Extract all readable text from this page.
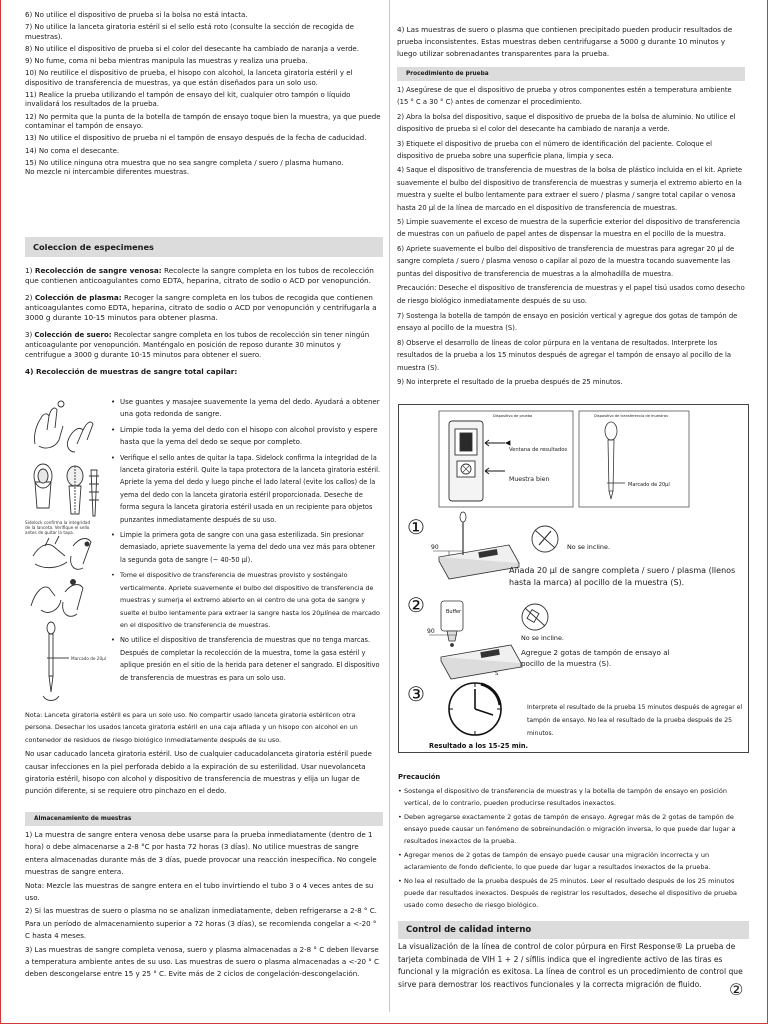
6) No utilice el dispositivo de prueba si la bolsa no está intacta.

7) No utilice la lanceta giratoria estéril si el sello está roto (consulte la sección de recogida de muestras).

8) No utilice el dispositivo de prueba si el color del desecante ha cambiado de naranja a verde.

9) No fume, coma ni beba mientras manipula las muestras y realiza una prueba.

10) No reutilice el dispositivo de prueba, el hisopo con alcohol, la lanceta giratoria estéril y el dispositivo de transferencia de muestras, ya que están diseñados para un solo uso.

11) Realice la prueba utilizando el tampón de ensayo del kit, cualquier otro tampón o líquido invalidará los resultados de la prueba.

12) No permita que la punta de la botella de tampón de ensayo toque bien la muestra, ya que puede contaminar el tampón de ensayo.

13) No utilice el dispositivo de prueba ni el tampón de ensayo después de la fecha de caducidad.

14) No coma el desecante.

15) No utilice ninguna otra muestra que no sea sangre completa / suero / plasma humano.
No mezcle ni intercambie diferentes muestras.

Coleccion de especimenes

1) Recolección de sangre venosa: Recolecte la sangre completa en los tubos de recolección que contienen anticoagulantes como EDTA, heparina, citrato de sodio o ACD por venopunción.

2) Colección de plasma: Recoger la sangre completa en los tubos de recogida que contienen anticoagulantes como EDTA, heparina, citrato de sodio o ACD por venopunción y centrifugarla a 3000 g durante 10-15 minutos para obtener plasma.

3) Colección de suero: Recolectar sangre completa en los tubos de recolección sin tener ningún anticoagulante por venopunción. Manténgalo en posición de reposo durante 30 minutos y centrifugue a 3000 g durante 10-15 minutos para obtener el suero.

4) Recolección de muestras de sangre total capilar:

Sidelock confirma la integridad de la lanceta. Verifique el sello antes de quitar la tapa.
Marcado de 20µl

• Use guantes y masajee suavemente la yema del dedo. Ayudará a obtener una gota redonda de sangre.

• Limpie toda la yema del dedo con el hisopo con alcohol provisto y espere hasta que la yema del dedo se seque por completo.

• Verifique el sello antes de quitar la tapa. Sidelock confirma la integridad de la lanceta giratoria estéril. Quite la tapa protectora de la lanceta giratoria estéril. Apriete la yema del dedo y luego pinche el lado lateral (evite los callos) de la yema del dedo con la lanceta giratoria estéril proporcionada. Deseche de forma segura la lanceta giratoria estéril usada en un recipiente para objetos punzantes inmediatamente después de su uso.

• Limpie la primera gota de sangre con una gasa esterilizada. Sin presionar demasiado, apriete suavemente la yema del dedo una vez más para obtener la segunda gota de sangre (~ 40-50 µl).

• Tome el dispositivo de transferencia de muestras provisto y sosténgalo verticalmente. Apriete suavemente el bulbo del dispositivo de transferencia de muestras y sumerja el extremo abierto en el centro de una gota de sangre y suelte el bulbo lentamente para extraer la sangre hasta los 20µlínea de marcado en el dispositivo de transferencia de muestras.

• No utilice el dispositivo de transferencia de muestras que no tenga marcas. Después de completar la recolección de la muestra, tome la gasa estéril y aplique presión en el sitio de la herida para detener el sangrado. El dispositivo de transferencia de muestras es para un solo uso.

Nota: Lanceta giratoria estéril es para un solo uso. No compartir usado lanceta giratoria estérilcon otra persona. Desechar los usados lanceta giratoria estéril en una caja afilada y un hisopo con alcohol en un contenedor de residuos de riesgo biológico inmediatamente después de su uso.

No usar caducado lanceta giratoria estéril. Uso de cualquier caducadolanceta giratoria estéril puede causar infecciones en la piel perforada debido a la expiración de su esterilidad. Usar nuevolanceta giratoria estéril, hisopo con alcohol y dispositivo de transferencia de muestras y elija un lugar de punción diferente, si se requiere otro pinchazo en el dedo.

Almacenamiento de muestras

1) La muestra de sangre entera venosa debe usarse para la prueba inmediatamente (dentro de 1 hora) o debe almacenarse a 2-8 °C por hasta 72 horas (3 días). No utilice muestras de sangre entera almacenadas durante más de 3 días, puede provocar una reacción inespecífica. No congele muestras de sangre entera.

Nota: Mezcle las muestras de sangre entera en el tubo invirtiendo el tubo 3 o 4 veces antes de su uso.

2) Si las muestras de suero o plasma no se analizan inmediatamente, deben refrigerarse a 2-8 ° C. Para un período de almacenamiento superior a 72 horas (3 días), se recomienda congelar a <-20 ° C hasta 4 meses.

3) Las muestras de sangre completa venosa, suero y plasma almacenadas a 2-8 ° C deben llevarse a temperatura ambiente antes de su uso. Las muestras de suero o plasma almacenadas a <-20 ° C deben descongelarse entre 15 y 25 ° C. Evite más de 2 ciclos de congelación-descongelación.

4) Las muestras de suero o plasma que contienen precipitado pueden producir resultados de prueba inconsistentes. Estas muestras deben centrifugarse a 5000 g durante 10 minutos y luego utilizar sobrenadantes transparentes para la prueba.

Procedimiento de prueba

1) Asegúrese de que el dispositivo de prueba y otros componentes estén a temperatura ambiente (15 ° C a 30 ° C) antes de comenzar el procedimiento.

2) Abra la bolsa del dispositivo, saque el dispositivo de prueba de la bolsa de aluminio. No utilice el dispositivo de prueba si el color del desecante ha cambiado de naranja a verde.

3) Etiquete el dispositivo de prueba con el número de identificación del paciente. Coloque el dispositivo de prueba sobre una superficie plana, limpia y seca.

4) Saque el dispositivo de transferencia de muestras de la bolsa de plástico incluida en el kit. Apriete suavemente el bulbo del dispositivo de transferencia de muestras y sumerja el extremo abierto en la muestra y suelte el bulbo lentamente para extraer el suero / plasma / sangre total capilar o venosa hasta 20 µl de la línea de marcado en el dispositivo de transferencia de muestras.

5) Limpie suavemente el exceso de muestra de la superficie exterior del dispositivo de transferencia de muestras con un pañuelo de papel antes de dispensar la muestra en el pocillo de la muestra.

6) Apriete suavemente el bulbo del dispositivo de transferencia de muestras para agregar 20 µl de sangre completa / suero / plasma venoso o capilar al pozo de la muestra tocando suavemente las puntas del dispositivo de transferencia de muestras a la almohadilla de muestra.

Precaución: Deseche el dispositivo de transferencia de muestras y el papel tisú usados como desecho de riesgo biológico inmediatamente después de su uso.

7) Sostenga la botella de tampón de ensayo en posición vertical y agregue dos gotas de tampón de ensayo al pocillo de la muestra (S).

8) Observe el desarrollo de líneas de color púrpura en la ventana de resultados. Interprete los resultados de la prueba a los 15 minutos después de agregar el tampón de ensayo al pocillo de la muestra (S).

9) No interprete el resultado de la prueba después de 25 minutos.

①
90	No se incline.
Añada 20 µl de sangre completa / suero / plasma (llenos hasta la marca) al pocillo de la muestra (S).
②	Buffer
90
No se incline.
Agregue 2 gotas de tampón de ensayo al pocillo de la muestra (S).
③
Interprete el resultado de la prueba 15 minutos después de agregar el tampón de ensayo. No lea el resultado de la prueba después de 25 minutos.
Resultado a los 15-25 min.
Dispositivo de prueba	Dispositivo de transferencia de muestras
Ventana de resultados
Muestra bien
Marcado de 20µl
S

Precaución

• Sostenga el dispositivo de transferencia de muestras y la botella de tampón de ensayo en posición vertical, de lo contrario, pueden producirse resultados inexactos.

• Deben agregarse exactamente 2 gotas de tampón de ensayo. Agregar más de 2 gotas de tampón de ensayo puede causar un fenómeno de sobreinundación o migración inversa, lo que puede dar lugar a resultados inexactos de la prueba.

• Agregar menos de 2 gotas de tampón de ensayo puede causar una migración incorrecta y un aclaramiento de fondo deficiente, lo que puede dar lugar a resultados inexactos de la prueba.

• No lea el resultado de la prueba después de 25 minutos. Leer el resultado después de los 25 minutos puede dar resultados inexactos. Después de registrar los resultados, deseche el dispositivo de prueba usado como desecho de riesgo biológico.

Control de calidad interno

La visualización de la línea de control de color púrpura en First Response® La prueba de tarjeta combinada de VIH 1 + 2 / sífilis indica que el ingrediente activo de las tiras es funcional y la migración es exitosa. La línea de control es un procedimiento de control que sirve para demostrar los reactivos funcionales y la correcta migración de fluido.	②
